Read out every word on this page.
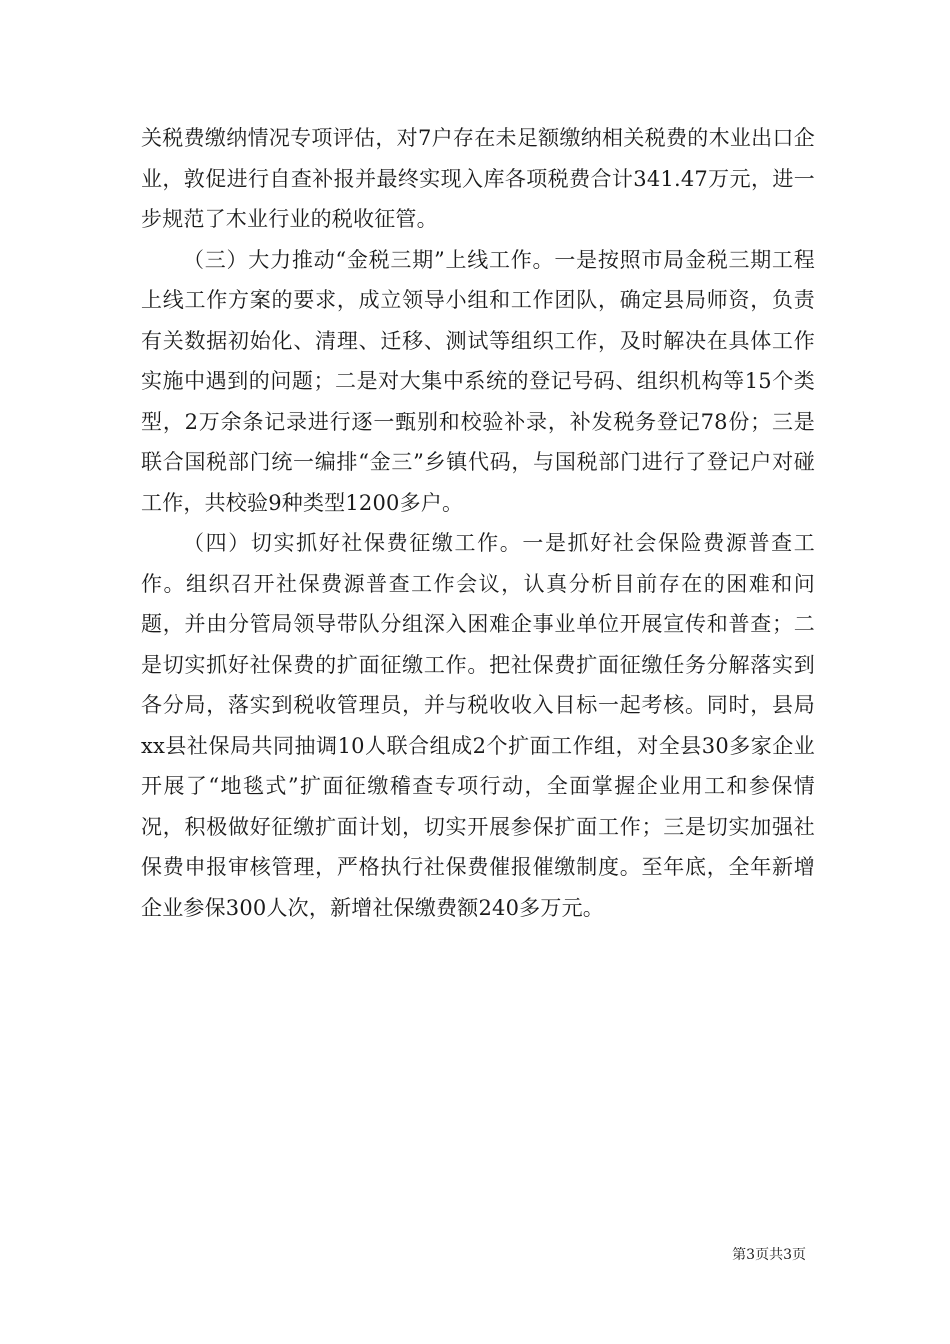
关税费缴纳情况专项评估，对7户存在未足额缴纳相关税费的木业出口企业，敦促进行自查补报并最终实现入库各项税费合计341.47万元，进一步规范了木业行业的税收征管。

（三）大力推动“金税三期”上线工作。一是按照市局金税三期工程上线工作方案的要求，成立领导小组和工作团队，确定县局师资，负责有关数据初始化、清理、迁移、测试等组织工作，及时解决在具体工作实施中遇到的问题；二是对大集中系统的登记号码、组织机构等15个类型，2万余条记录进行逐一甄别和校验补录，补发税务登记78份；三是联合国税部门统一编排“金三”乡镇代码，与国税部门进行了登记户对碰工作，共校验9种类型1200多户。

（四）切实抓好社保费征缴工作。一是抓好社会保险费源普查工作。组织召开社保费源普查工作会议，认真分析目前存在的困难和问题，并由分管局领导带队分组深入困难企事业单位开展宣传和普查；二是切实抓好社保费的扩面征缴工作。把社保费扩面征缴任务分解落实到各分局，落实到税收管理员，并与税收收入目标一起考核。同时，县局xx县社保局共同抽调10人联合组成2个扩面工作组，对全县30多家企业开展了“地毯式”扩面征缴稽查专项行动，全面掌握企业用工和参保情况，积极做好征缴扩面计划，切实开展参保扩面工作；三是切实加强社保费申报审核管理，严格执行社保费催报催缴制度。至年底，全年新增企业参保300人次，新增社保缴费额240多万元。

第3页共3页
